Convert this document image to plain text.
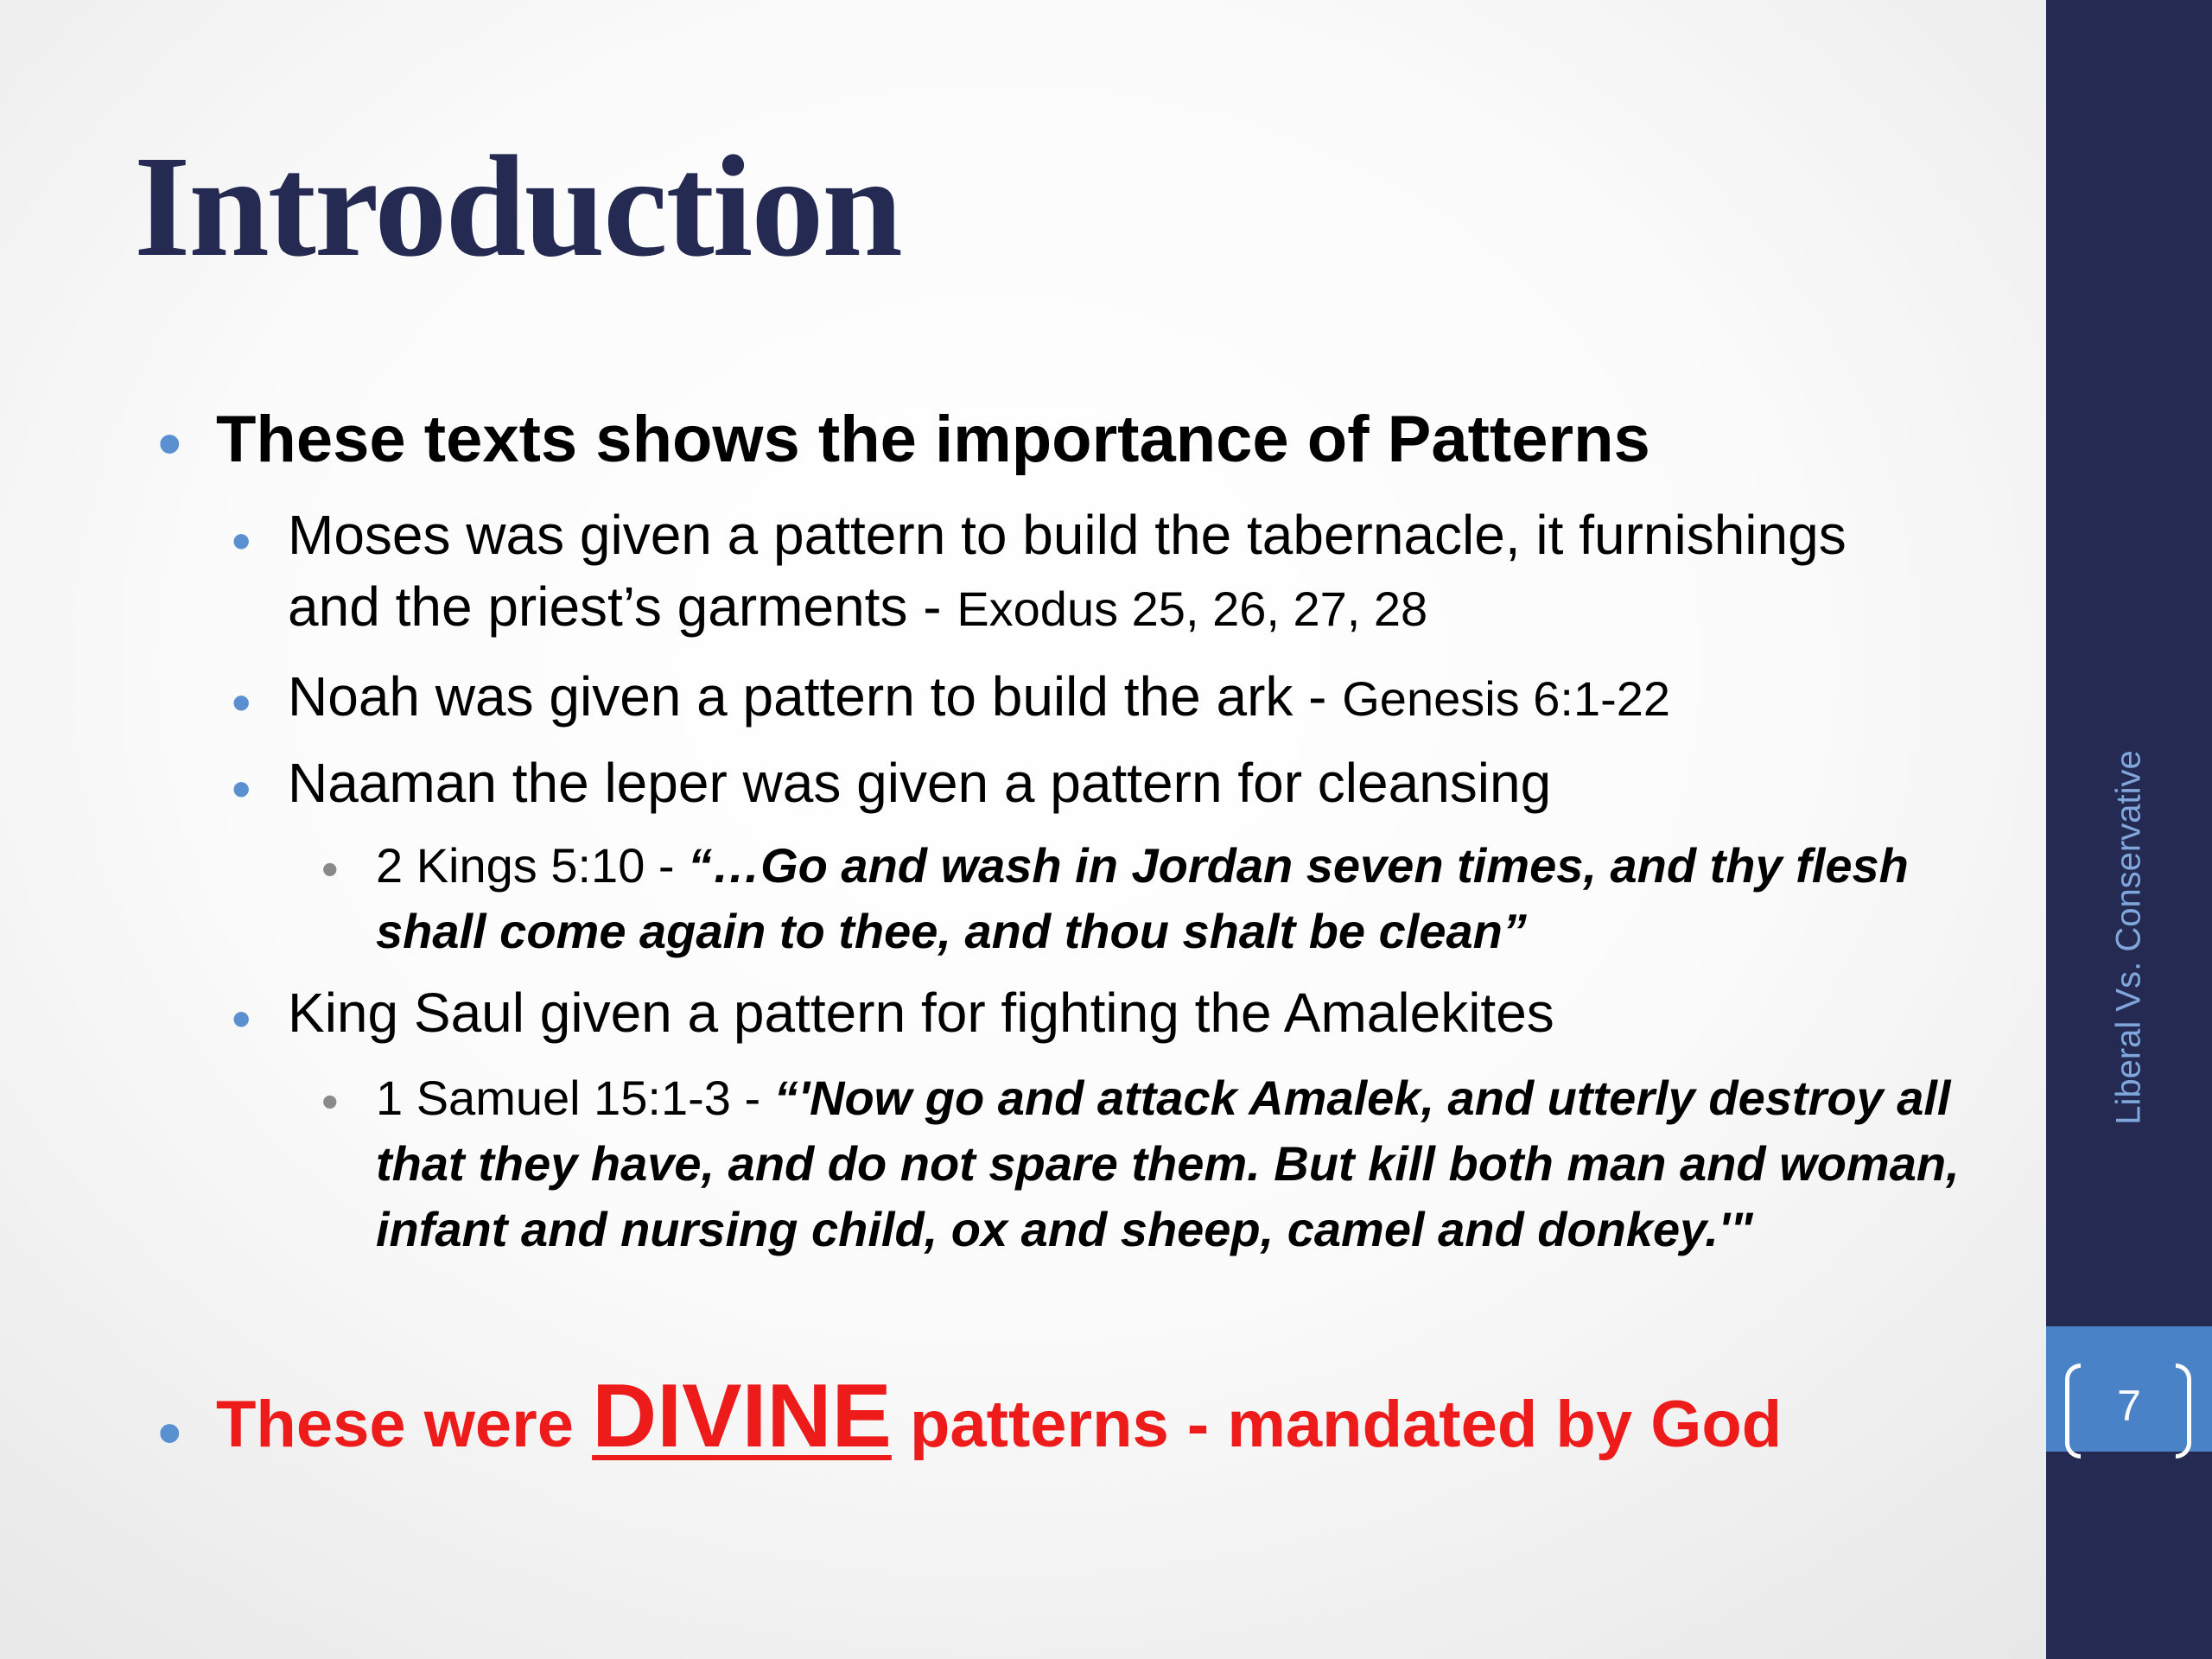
Liberal Vs. Conservative
7
Introduction
• These texts shows the importance of Patterns
• Moses was given a pattern to build the tabernacle, it furnishings and the priest’s garments - Exodus 25, 26, 27, 28
• Noah was given a pattern to build the ark - Genesis 6:1-22
• Naaman the leper was given a pattern for cleansing
• 2 Kings 5:10 - “…Go and wash in Jordan seven times, and thy flesh shall come again to thee, and thou shalt be clean”
• King Saul given a pattern for fighting the Amalekites
• 1 Samuel 15:1-3 - “'Now go and attack Amalek, and utterly destroy all that they have, and do not spare them. But kill both man and woman, infant and nursing child, ox and sheep, camel and donkey.'"
• These were DIVINE patterns - mandated by God
